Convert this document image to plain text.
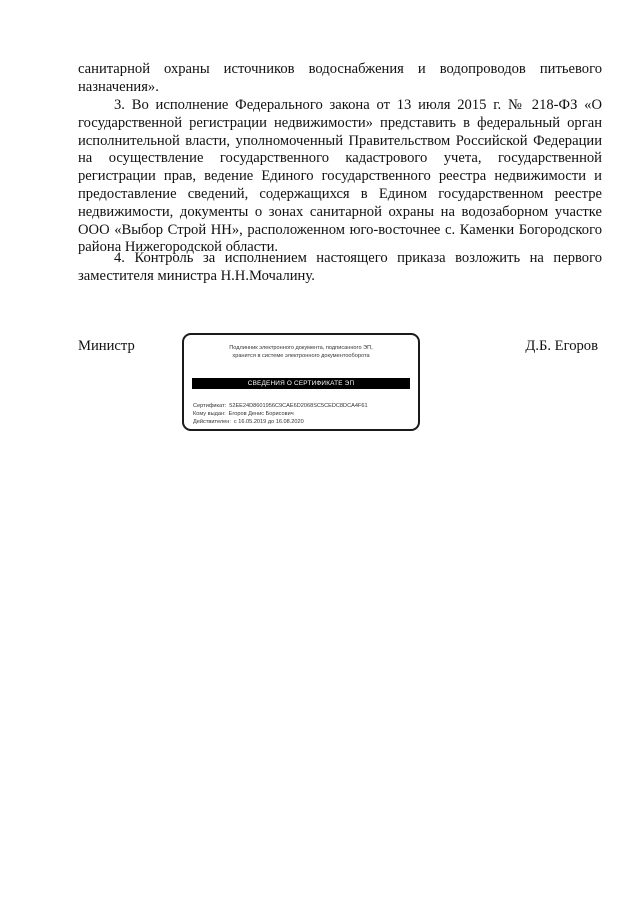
санитарной охраны источников водоснабжения и водопроводов питьевого назначения».

3. Во исполнение Федерального закона от 13 июля 2015 г. № 218-ФЗ «О государственной регистрации недвижимости» представить в федеральный орган исполнительной власти, уполномоченный Правительством Российской Федерации на осуществление государственного кадастрового учета, государственной регистрации прав, ведение Единого государственного реестра недвижимости и предоставление сведений, содержащихся в Едином государственном реестре недвижимости, документы о зонах санитарной охраны на водозаборном участке ООО «Выбор Строй НН», расположенном юго-восточнее с. Каменки Богородского района Нижегородской области.

4. Контроль за исполнением настоящего приказа возложить на первого заместителя министра Н.Н.Мочалину.

Министр	Подлинник электронного документа, подписанного ЭП,
хранится в системе электронного документооборота
СВЕДЕНИЯ О СЕРТИФИКАТЕ ЭП
Сертификат: 52EE24D8601956C9CAE6D2068SC5CEDC8DCA4F61
Кому выдан: Егоров Денис Борисович
Действителен: с 16.05.2019 до 16.08.2020
Д.Б. Егоров
